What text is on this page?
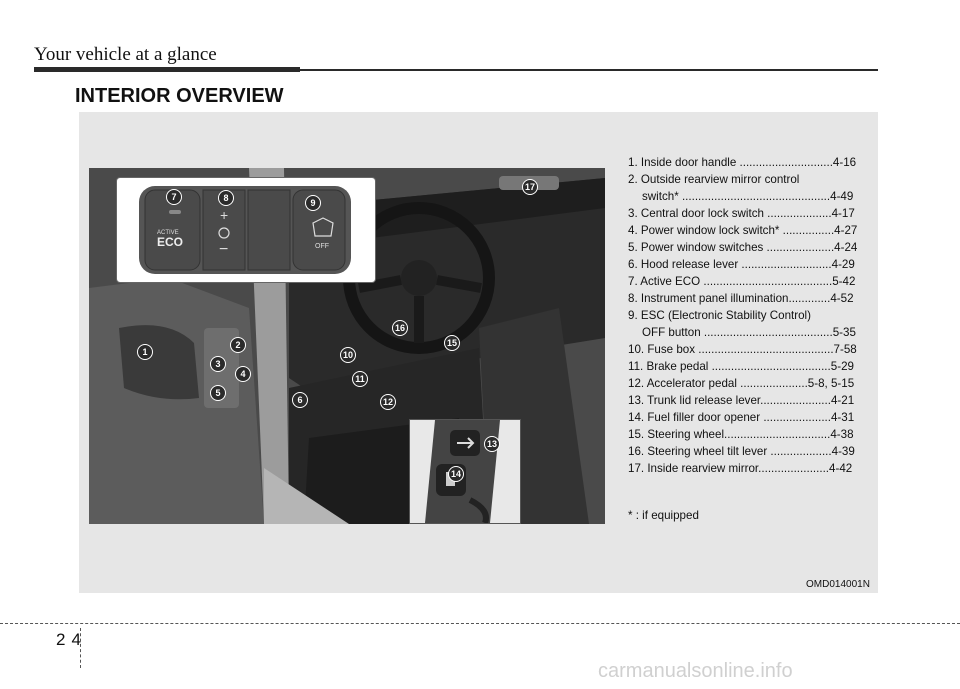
Your vehicle at a glance
INTERIOR OVERVIEW
ACTIVE
ECO
+
−	OFF
1
2
3
4
5
6
7	8	9
10
11
12
13
14
15
16
17
1. Inside door handle .............................4-16
2. Outside rearview mirror control
switch* ..............................................4-49
3. Central door lock switch ....................4-17
4. Power window lock switch* ................4-27
5. Power window switches .....................4-24
6. Hood release lever ............................4-29
7. Active ECO ........................................5-42
8. Instrument panel illumination.............4-52
9. ESC (Electronic Stability Control)
OFF button ........................................5-35
10. Fuse box ..........................................7-58
11. Brake pedal .....................................5-29
12. Accelerator pedal .....................5-8, 5-15
13. Trunk lid release lever......................4-21
14. Fuel filler door opener .....................4-31
15. Steering wheel.................................4-38
16. Steering wheel tilt lever ...................4-39
17. Inside rearview mirror......................4-42
* : if equipped
OMD014001N
24
carmanualsonline.info
